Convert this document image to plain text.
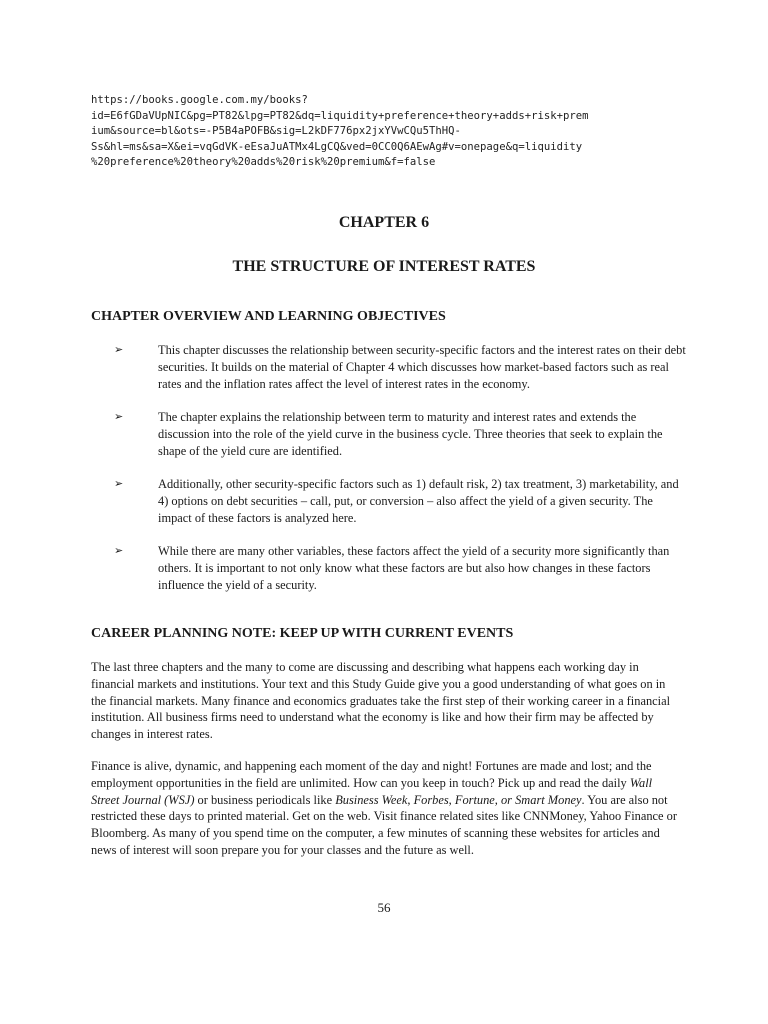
https://books.google.com.my/books?
id=E6fGDaVUpNIC&pg=PT82&lpg=PT82&dq=liquidity+preference+theory+adds+risk+prem
ium&source=bl&ots=-P5B4aPOFB&sig=L2kDF776px2jxYVwCQu5ThHQ-
Ss&hl=ms&sa=X&ei=vqGdVK-eEsaJuATMx4LgCQ&ved=0CC0Q6AEwAg#v=onepage&q=liquidity
%20preference%20theory%20adds%20risk%20premium&f=false
CHAPTER 6
THE STRUCTURE OF INTEREST RATES
CHAPTER OVERVIEW AND LEARNING OBJECTIVES
➢	This chapter discusses the relationship between security-specific factors and the interest rates on their debt securities. It builds on the material of Chapter 4 which discusses how market-based factors such as real rates and the inflation rates affect the level of interest rates in the economy.
➢	The chapter explains the relationship between term to maturity and interest rates and extends the discussion into the role of the yield curve in the business cycle. Three theories that seek to explain the shape of the yield cure are identified.
➢	Additionally, other security-specific factors such as 1) default risk, 2) tax treatment, 3) marketability, and 4) options on debt securities – call, put, or conversion – also affect the yield of a given security. The impact of these factors is analyzed here.
➢	While there are many other variables, these factors affect the yield of a security more significantly than others. It is important to not only know what these factors are but also how changes in these factors influence the yield of a security.
CAREER PLANNING NOTE: KEEP UP WITH CURRENT EVENTS
The last three chapters and the many to come are discussing and describing what happens each working day in financial markets and institutions. Your text and this Study Guide give you a good understanding of what goes on in the financial markets. Many finance and economics graduates take the first step of their working career in a financial institution. All business firms need to understand what the economy is like and how their firm may be affected by changes in interest rates.
Finance is alive, dynamic, and happening each moment of the day and night! Fortunes are made and lost; and the employment opportunities in the field are unlimited. How can you keep in touch? Pick up and read the daily Wall Street Journal (WSJ) or business periodicals like Business Week, Forbes, Fortune, or Smart Money. You are also not restricted these days to printed material. Get on the web. Visit finance related sites like CNNMoney, Yahoo Finance or Bloomberg. As many of you spend time on the computer, a few minutes of scanning these websites for articles and news of interest will soon prepare you for your classes and the future as well.
56
